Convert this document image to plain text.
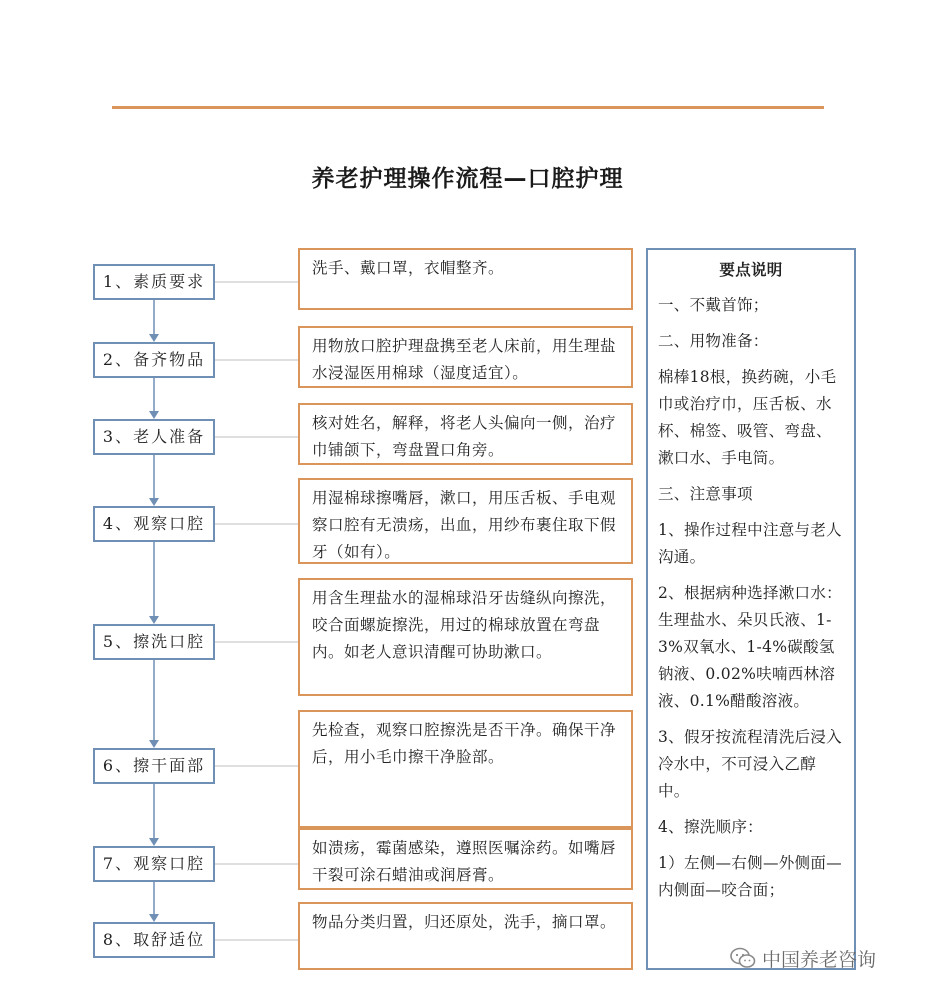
养老护理操作流程—口腔护理
1、素质要求
洗手、戴口罩，衣帽整齐。
2、备齐物品
用物放口腔护理盘携至老人床前，用生理盐水浸湿医用棉球（湿度适宜）。
3、老人准备
核对姓名，解释，将老人头偏向一侧，治疗巾铺颌下，弯盘置口角旁。
4、观察口腔
用湿棉球擦嘴唇，漱口，用压舌板、手电观察口腔有无溃疡，出血，用纱布裹住取下假牙（如有）。
5、擦洗口腔
用含生理盐水的湿棉球沿牙齿缝纵向擦洗，咬合面螺旋擦洗，用过的棉球放置在弯盘内。如老人意识清醒可协助漱口。
6、擦干面部
先检查，观察口腔擦洗是否干净。确保干净后，用小毛巾擦干净脸部。
7、观察口腔
如溃疡，霉菌感染，遵照医嘱涂药。如嘴唇干裂可涂石蜡油或润唇膏。
8、取舒适位
物品分类归置，归还原处，洗手，摘口罩。
要点说明
一、不戴首饰；
二、用物准备：
棉棒18根，换药碗，小毛巾或治疗巾，压舌板、水杯、棉签、吸管、弯盘、漱口水、手电筒。
三、注意事项
1、操作过程中注意与老人沟通。
2、根据病种选择漱口水：生理盐水、朵贝氏液、1-3%双氧水、1-4%碳酸氢钠液、0.02%呋喃西林溶液、0.1%醋酸溶液。
3、假牙按流程清洗后浸入冷水中，不可浸入乙醇中。
4、擦洗顺序：
1）左侧—右侧—外侧面—内侧面—咬合面；
中国养老咨询
